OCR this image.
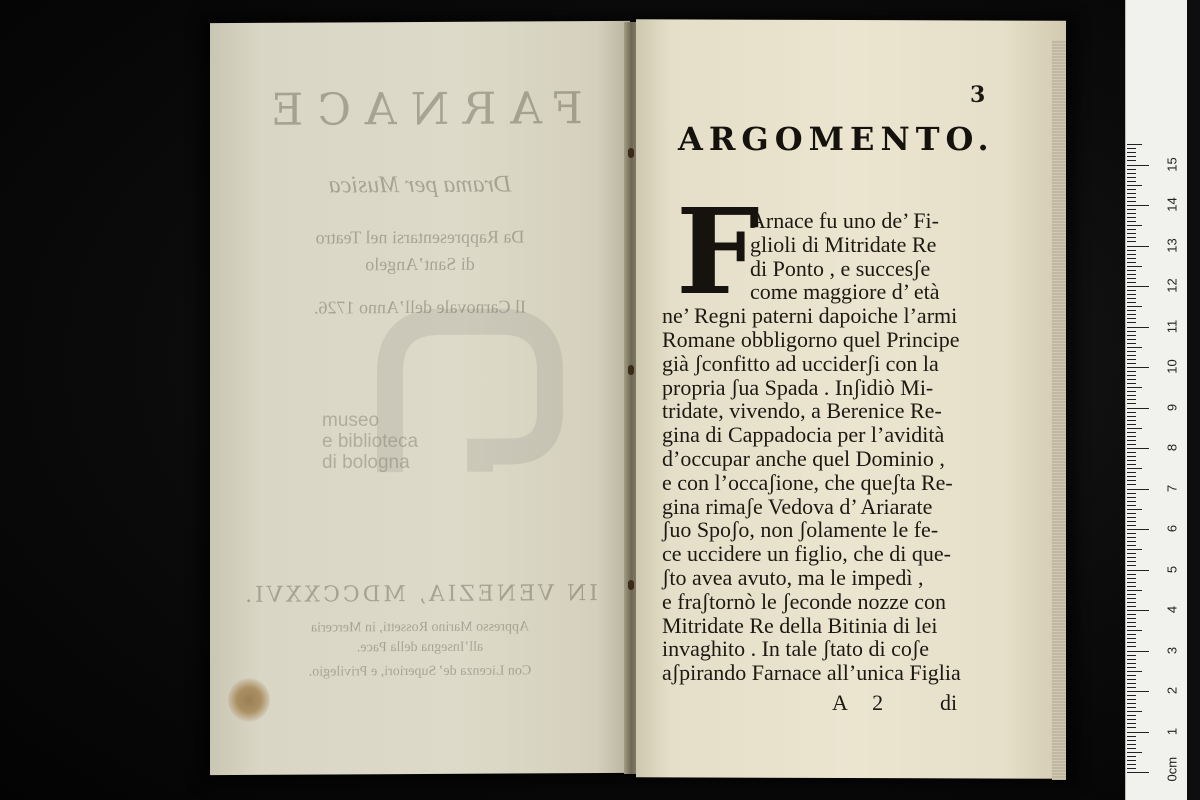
FARNACE
Drama per Musica
Da Rappresentarsi nel Teatro
di Sant’Angelo
Il Carnovale dell’Anno 1726.
IN VENEZIA, MDCCXXVI.
Appresso Marino Rossetti, in Merceria
all’Insegna della Pace.
Con Licenza de’ Superiori, e Privilegio.
museo
e biblioteca
di bologna
3
ARGOMENTO.
F
Arnace fu uno de’ Fi-
glioli di Mitridate Re
di Ponto , e succesʃe
come maggiore d’ età
ne’ Regni paterni dapoiche l’armi
Romane obbligorno quel Principe
già ʃconfitto ad ucciderʃi con la
propria ʃua Spada . Inʃidiò Mi-
tridate, vivendo, a Berenice Re-
gina di Cappadocia per l’avidità
d’occupar anche quel Dominio ,
e con l’occaʃione, che queʃta Re-
gina rimaʃe Vedova d’ Ariarate
ʃuo Spoʃo, non ʃolamente le fe-
ce uccidere un figlio, che di que-
ʃto avea avuto, ma le impedì ,
e fraʃtornò le ʃeconde nozze con
Mitridate Re della Bitinia di lei
invaghito . In tale ʃtato di coʃe
aʃpirando Farnace all’unica Figlia
A 2 di
0cm
1
2
3
4
5
6
7
8
9
10
11
12
13
14
15
